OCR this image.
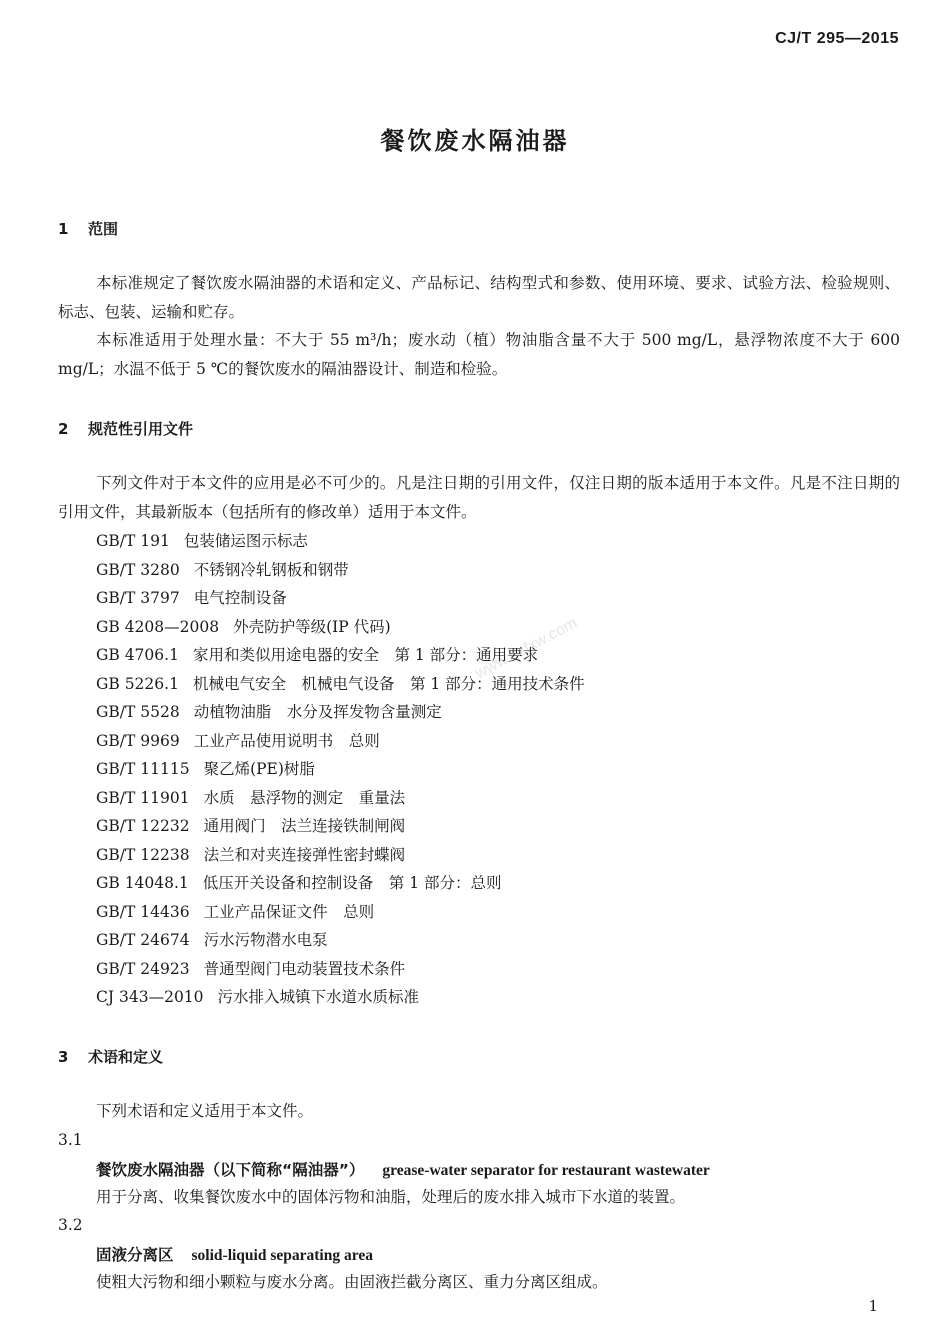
CJ/T 295—2015
www.bzfxw.com
餐饮废水隔油器
1 范围

本标准规定了餐饮废水隔油器的术语和定义、产品标记、结构型式和参数、使用环境、要求、试验方法、检验规则、标志、包装、运输和贮存。

本标准适用于处理水量：不大于 55 m³/h；废水动（植）物油脂含量不大于 500 mg/L，悬浮物浓度不大于 600 mg/L；水温不低于 5 ℃的餐饮废水的隔油器设计、制造和检验。

2 规范性引用文件

下列文件对于本文件的应用是必不可少的。凡是注日期的引用文件，仅注日期的版本适用于本文件。凡是不注日期的引用文件，其最新版本（包括所有的修改单）适用于本文件。

GB/T 191 包装储运图示标志
GB/T 3280 不锈钢冷轧钢板和钢带
GB/T 3797 电气控制设备
GB 4208—2008 外壳防护等级(IP 代码)
GB 4706.1 家用和类似用途电器的安全　第 1 部分：通用要求
GB 5226.1 机械电气安全　机械电气设备　第 1 部分：通用技术条件
GB/T 5528 动植物油脂　水分及挥发物含量测定
GB/T 9969 工业产品使用说明书　总则
GB/T 11115 聚乙烯(PE)树脂
GB/T 11901 水质　悬浮物的测定　重量法
GB/T 12232 通用阀门　法兰连接铁制闸阀
GB/T 12238 法兰和对夹连接弹性密封蝶阀
GB 14048.1 低压开关设备和控制设备　第 1 部分：总则
GB/T 14436 工业产品保证文件　总则
GB/T 24674 污水污物潜水电泵
GB/T 24923 普通型阀门电动装置技术条件
CJ 343—2010 污水排入城镇下水道水质标准
3 术语和定义

下列术语和定义适用于本文件。

3.1
餐饮废水隔油器（以下简称“隔油器”） grease-water separator for restaurant wastewater
用于分离、收集餐饮废水中的固体污物和油脂，处理后的废水排入城市下水道的装置。
3.2
固液分离区 solid-liquid separating area
使粗大污物和细小颗粒与废水分离。由固液拦截分离区、重力分离区组成。
1
